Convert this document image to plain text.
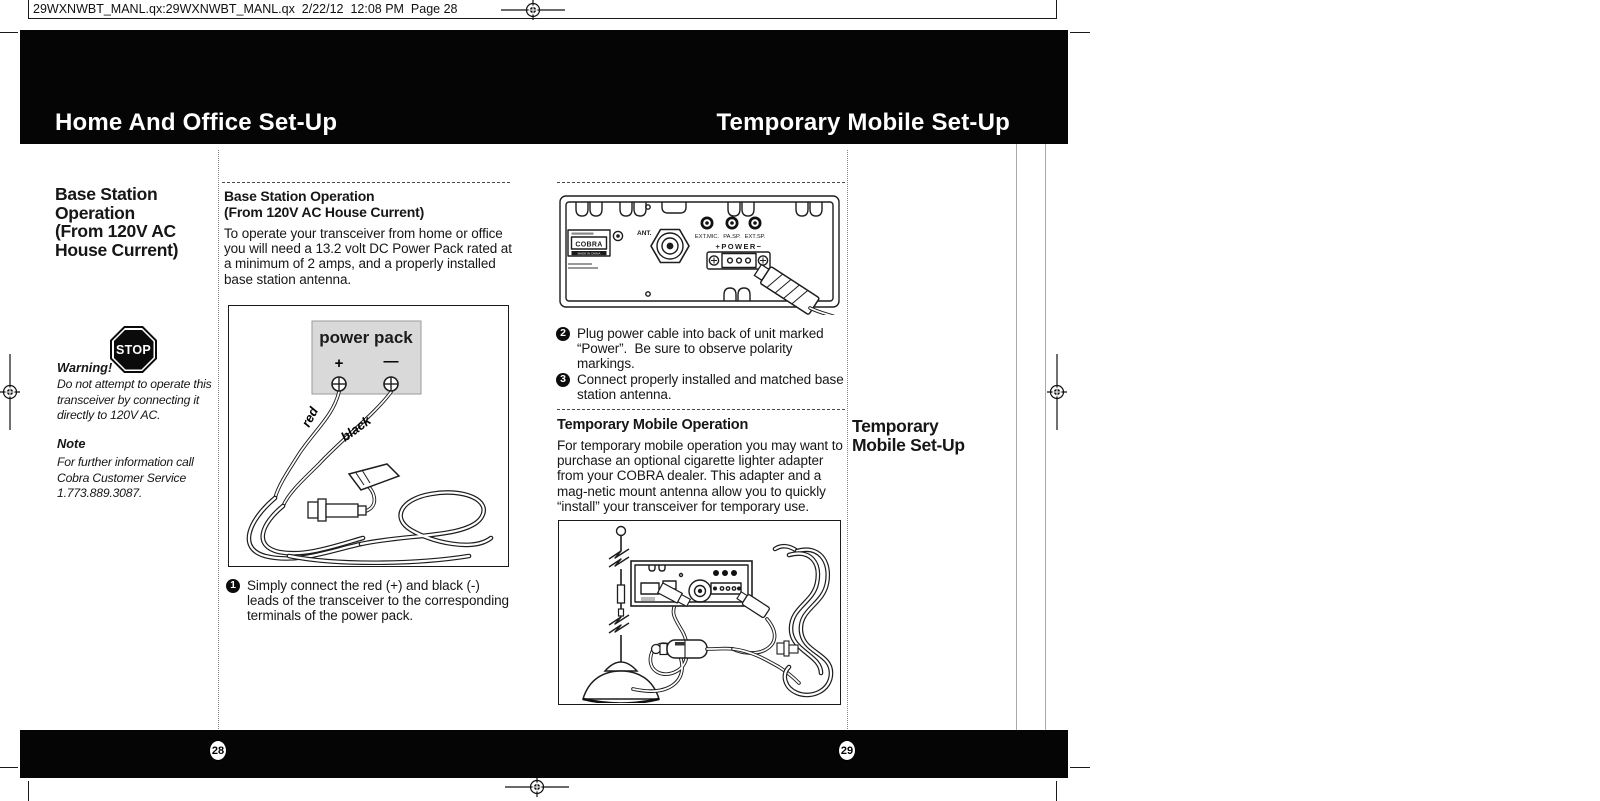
29WXNWBT_MANL.qx:29WXNWBT_MANL.qx  2/22/12  12:08 PM  Page 28
Home And Office Set-Up	Temporary Mobile Set-Up
Base Station
Operation
(From 120V AC
House Current)
STOP
Warning!
Do not attempt to operate this transceiver by connecting it directly to 120V AC.
Note
For further information call Cobra Customer Service 1.773.889.3087.
Base Station Operation
(From 120V AC House Current)
To operate your transceiver from home or office you will need a 13.2 volt DC Power Pack rated at a minimum of 2 amps, and a properly installed base station antenna.
power pack
+	—
red black
1 Simply connect the red (+) and black (-) leads of the transceiver to the corresponding terminals of the power pack.
COBRA
MADE IN CHINA
ANT.	EXT.MIC. PA.SP. EXT.SP.
+POWER−
2 Plug power cable into back of unit marked “Power”.  Be sure to observe polarity markings.
3 Connect properly installed and matched base station antenna.
Temporary Mobile Operation
For temporary mobile operation you may want to purchase an optional cigarette lighter adapter from your COBRA dealer. This adapter and a mag-netic mount antenna allow you to quickly “install” your transceiver for temporary use.
Temporary
Mobile Set-Up
28	29
